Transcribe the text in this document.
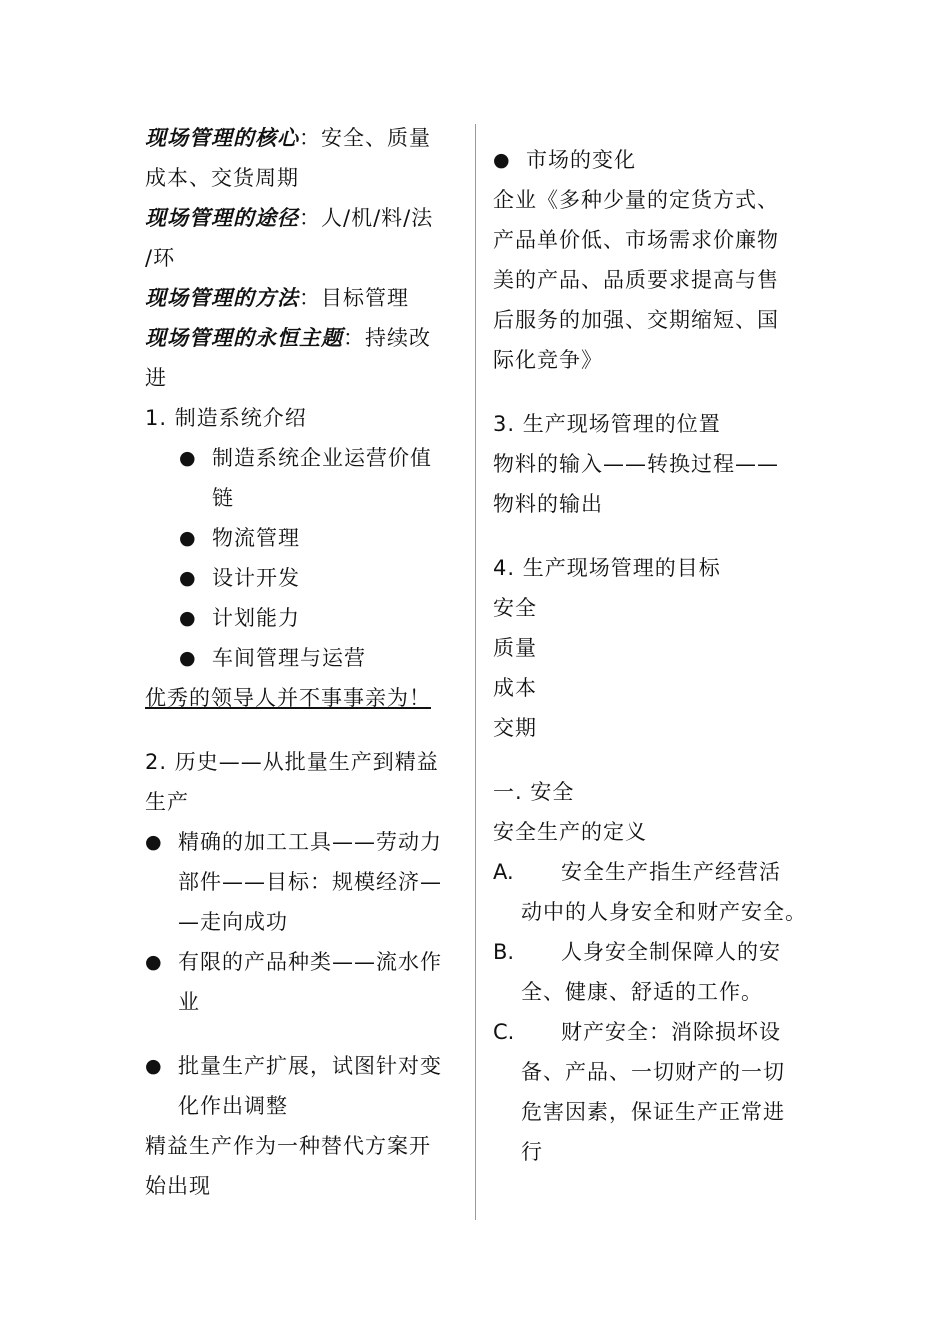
现场管理的核心：安全、质量
成本、交货周期
现场管理的途径：人/机/料/法
/环
现场管理的方法：目标管理
现场管理的永恒主题：持续改
进
1. 制造系统介绍
● 制造系统企业运营价值
链
● 物流管理
● 设计开发
● 计划能力
● 车间管理与运营
优秀的领导人并不事事亲为！
2. 历史——从批量生产到精益
生产
● 精确的加工工具——劳动力
部件——目标：规模经济—
—走向成功
● 有限的产品种类——流水作
业
● 批量生产扩展，试图针对变
化作出调整
精益生产作为一种替代方案开
始出现
● 市场的变化
企业《多种少量的定货方式、
产品单价低、市场需求价廉物
美的产品、品质要求提高与售
后服务的加强、交期缩短、国
际化竞争》
3. 生产现场管理的位置
物料的输入——转换过程——
物料的输出
4. 生产现场管理的目标
安全
质量
成本
交期
一. 安全
安全生产的定义
A.	安全生产指生产经营活
动中的人身安全和财产安全。
B.	人身安全制保障人的安
全、健康、舒适的工作。
C.	财产安全：消除损坏设
备、产品、一切财产的一切
危害因素，保证生产正常进
行
